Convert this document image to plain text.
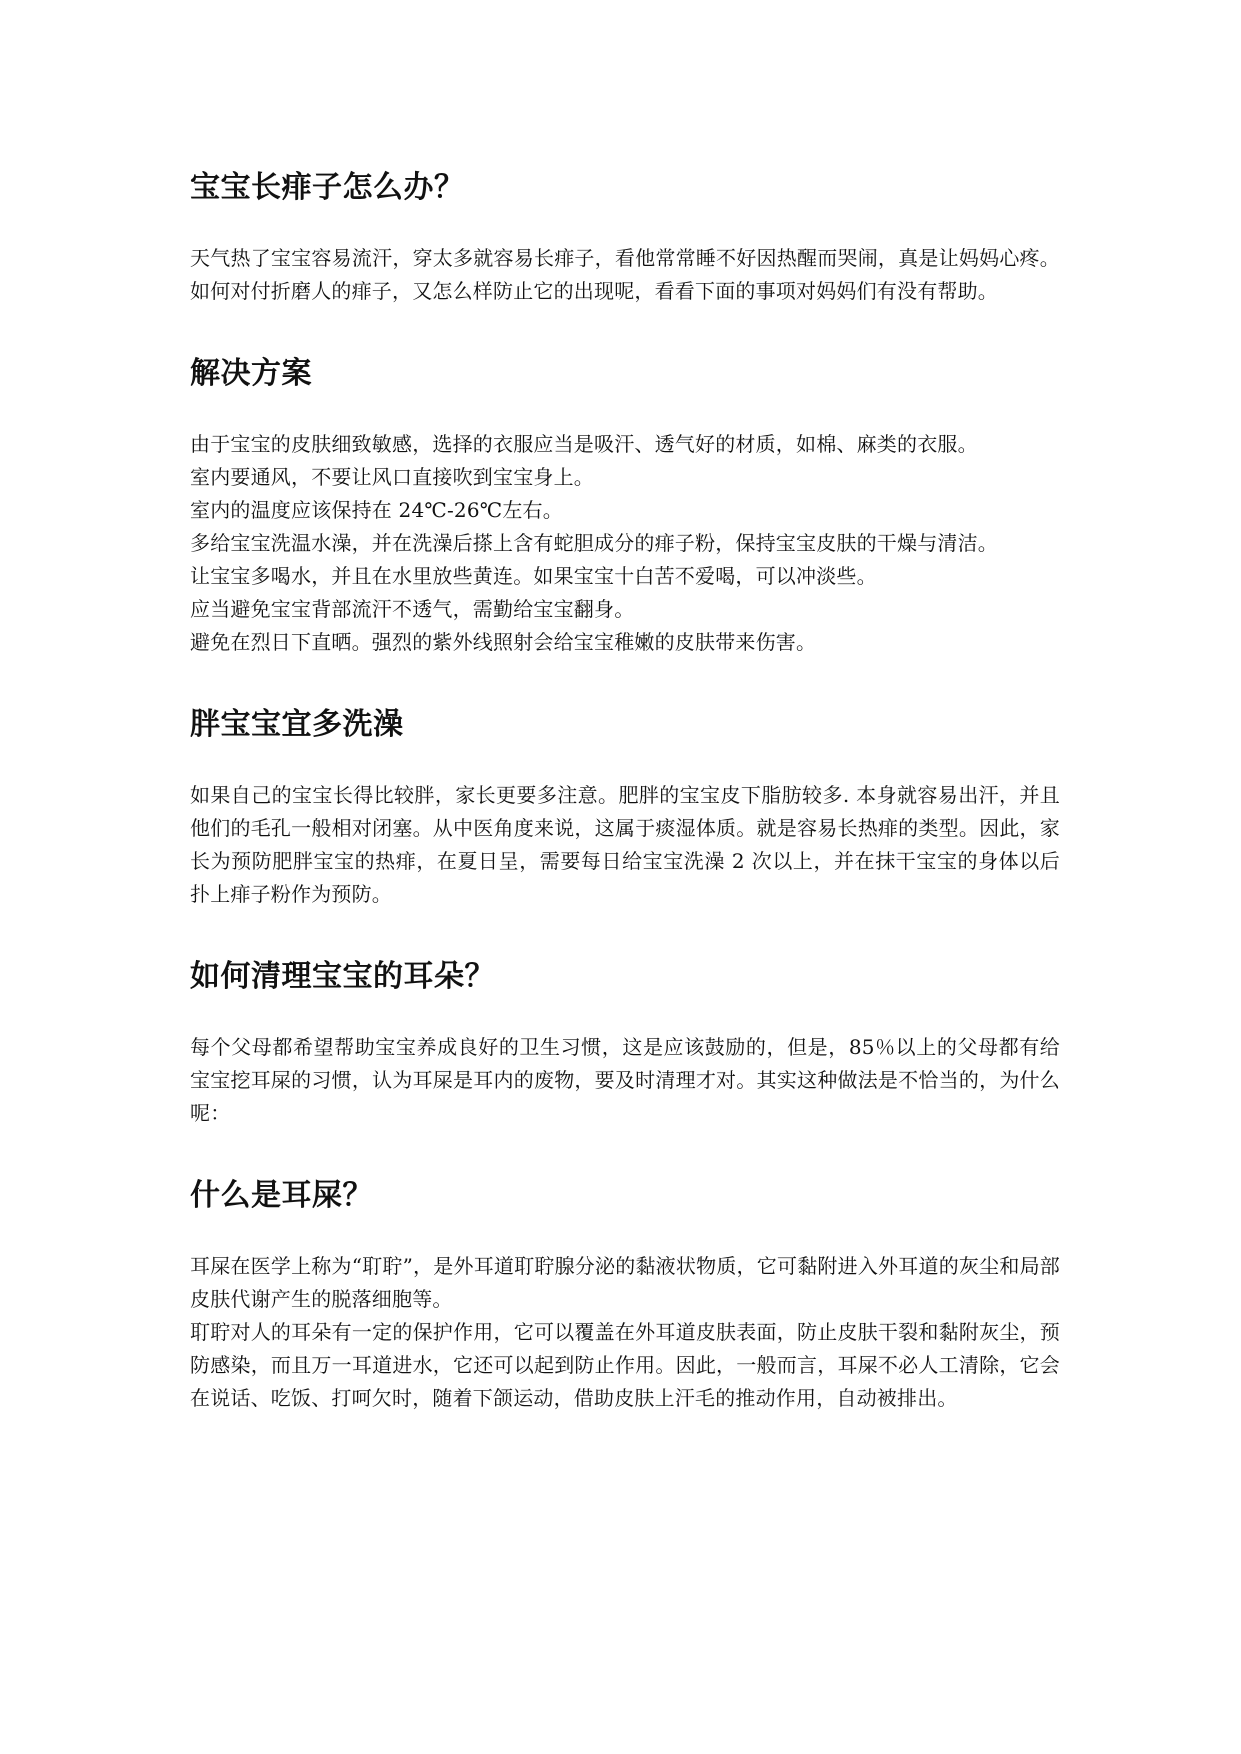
宝宝长痱子怎么办？

天气热了宝宝容易流汗，穿太多就容易长痱子，看他常常睡不好因热醒而哭闹，真是让妈妈心疼。如何对付折磨人的痱子，又怎么样防止它的出现呢，看看下面的事项对妈妈们有没有帮助。

解决方案

由于宝宝的皮肤细致敏感，选择的衣服应当是吸汗、透气好的材质，如棉、麻类的衣服。

室内要通风，不要让风口直接吹到宝宝身上。

室内的温度应该保持在 24℃-26℃左右。

多给宝宝洗温水澡，并在洗澡后搽上含有蛇胆成分的痱子粉，保持宝宝皮肤的干燥与清洁。

让宝宝多喝水，并且在水里放些黄连。如果宝宝十白苦不爱喝，可以冲淡些。

应当避免宝宝背部流汗不透气，需勤给宝宝翻身。

避免在烈日下直晒。强烈的紫外线照射会给宝宝稚嫩的皮肤带来伤害。

胖宝宝宜多洗澡

如果自己的宝宝长得比较胖，家长更要多注意。肥胖的宝宝皮下脂肪较多. 本身就容易出汗，并且他们的毛孔一般相对闭塞。从中医角度来说，这属于痰湿体质。就是容易长热痱的类型。因此，家长为预防肥胖宝宝的热痱，在夏日呈，需要每日给宝宝洗澡 2 次以上，并在抹干宝宝的身体以后扑上痱子粉作为预防。

如何清理宝宝的耳朵？

每个父母都希望帮助宝宝养成良好的卫生习惯，这是应该鼓励的，但是，85％以上的父母都有给宝宝挖耳屎的习惯，认为耳屎是耳内的废物，要及时清理才对。其实这种做法是不恰当的，为什么呢：

什么是耳屎？

耳屎在医学上称为“耵聍”，是外耳道耵聍腺分泌的黏液状物质，它可黏附进入外耳道的灰尘和局部皮肤代谢产生的脱落细胞等。

耵聍对人的耳朵有一定的保护作用，它可以覆盖在外耳道皮肤表面，防止皮肤干裂和黏附灰尘，预防感染，而且万一耳道进水，它还可以起到防止作用。因此，一般而言，耳屎不必人工清除，它会在说话、吃饭、打呵欠时，随着下颌运动，借助皮肤上汗毛的推动作用，自动被排出。
